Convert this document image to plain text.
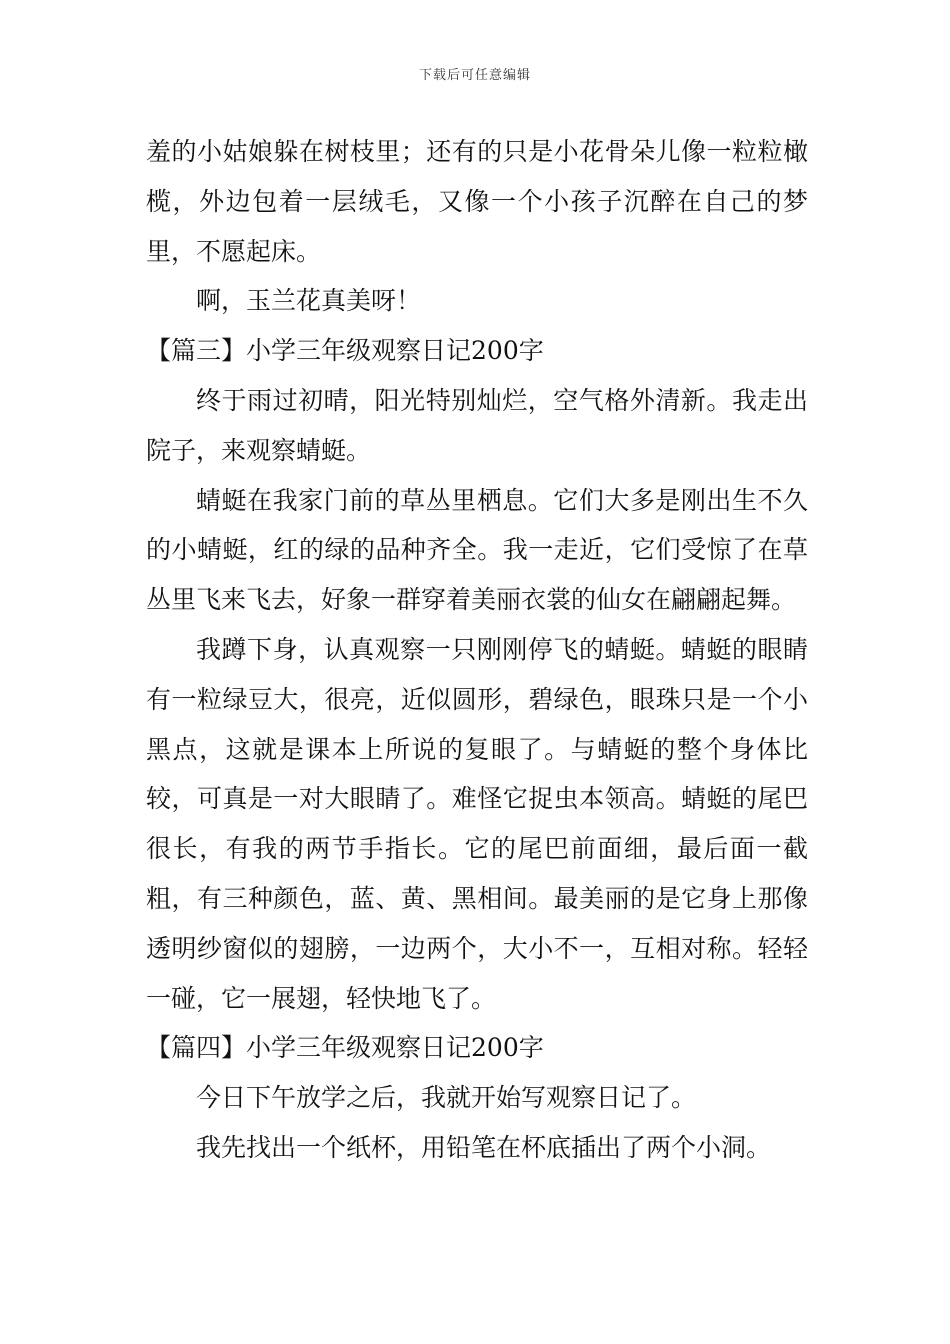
下载后可任意编辑

羞的小姑娘躲在树枝里；还有的只是小花骨朵儿像一粒粒橄榄，外边包着一层绒毛，又像一个小孩子沉醉在自己的梦里，不愿起床。

啊，玉兰花真美呀！

【篇三】小学三年级观察日记200字

终于雨过初晴，阳光特别灿烂，空气格外清新。我走出院子，来观察蜻蜓。

蜻蜓在我家门前的草丛里栖息。它们大多是刚出生不久的小蜻蜓，红的绿的品种齐全。我一走近，它们受惊了在草丛里飞来飞去，好象一群穿着美丽衣裳的仙女在翩翩起舞。

我蹲下身，认真观察一只刚刚停飞的蜻蜓。蜻蜓的眼睛有一粒绿豆大，很亮，近似圆形，碧绿色，眼珠只是一个小黑点，这就是课本上所说的复眼了。与蜻蜓的整个身体比较，可真是一对大眼睛了。难怪它捉虫本领高。蜻蜓的尾巴很长，有我的两节手指长。它的尾巴前面细，最后面一截粗，有三种颜色，蓝、黄、黑相间。最美丽的是它身上那像透明纱窗似的翅膀，一边两个，大小不一，互相对称。轻轻一碰，它一展翅，轻快地飞了。

【篇四】小学三年级观察日记200字

今日下午放学之后，我就开始写观察日记了。

我先找出一个纸杯，用铅笔在杯底插出了两个小洞。
